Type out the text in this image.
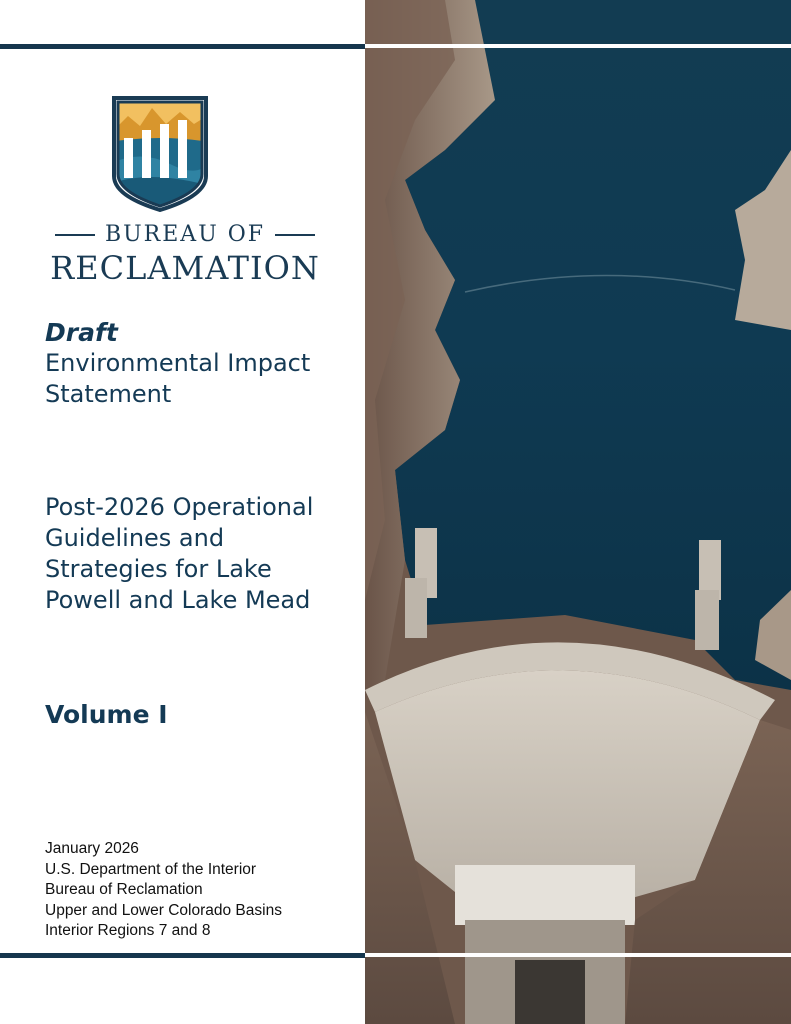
BUREAU OF
RECLAMATION
Draft
Environmental Impact Statement
Post-2026 Operational Guidelines and Strategies for Lake Powell and Lake Mead
Volume I
January 2026
U.S. Department of the Interior
Bureau of Reclamation
Upper and Lower Colorado Basins
Interior Regions 7 and 8
